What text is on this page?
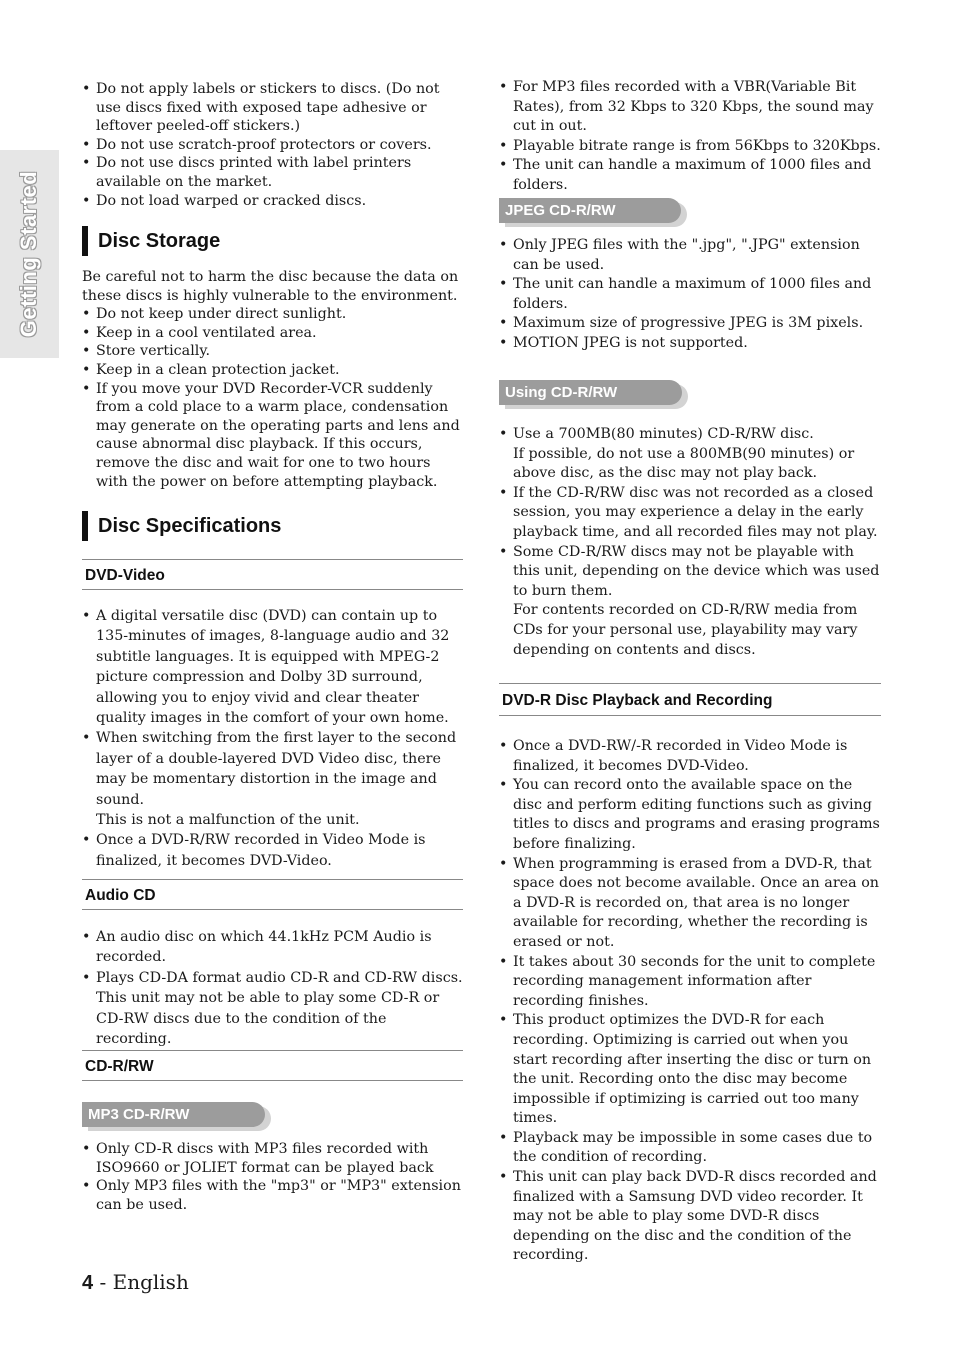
Getting Started
• Do not apply labels or stickers to discs. (Do not use discs fixed with exposed tape adhesive or leftover peeled-off stickers.)
• Do not use scratch-proof protectors or covers.
• Do not use discs printed with label printers available on the market.
• Do not load warped or cracked discs.
Disc Storage

Be careful not to harm the disc because the data on these discs is highly vulnerable to the environment.

• Do not keep under direct sunlight.
• Keep in a cool ventilated area.
• Store vertically.
• Keep in a clean protection jacket.
• If you move your DVD Recorder-VCR suddenly from a cold place to a warm place, condensation may generate on the operating parts and lens and cause abnormal disc playback. If this occurs, remove the disc and wait for one to two hours with the power on before attempting playback.
Disc Specifications
DVD-Video
• A digital versatile disc (DVD) can contain up to 135-minutes of images, 8-language audio and 32 subtitle languages. It is equipped with MPEG-2 picture compression and Dolby 3D surround, allowing you to enjoy vivid and clear theater quality images in the comfort of your own home.
• When switching from the first layer to the second layer of a double-layered DVD Video disc, there may be momentary distortion in the image and sound.
This is not a malfunction of the unit.
• Once a DVD-R/RW recorded in Video Mode is finalized, it becomes DVD-Video.
Audio CD
• An audio disc on which 44.1kHz PCM Audio is recorded.
• Plays CD-DA format audio CD-R and CD-RW discs. This unit may not be able to play some CD-R or CD-RW discs due to the condition of the recording.
CD-R/RW
MP3 CD-R/RW
• Only CD-R discs with MP3 files recorded with ISO9660 or JOLIET format can be played back
• Only MP3 files with the "mp3" or "MP3" extension can be used.
• For MP3 files recorded with a VBR(Variable Bit Rates), from 32 Kbps to 320 Kbps, the sound may cut in out.
• Playable bitrate range is from 56Kbps to 320Kbps.
• The unit can handle a maximum of 1000 files and folders.
JPEG CD-R/RW
• Only JPEG files with the ".jpg", ".JPG" extension can be used.
• The unit can handle a maximum of 1000 files and folders.
• Maximum size of progressive JPEG is 3M pixels.
• MOTION JPEG is not supported.
Using CD-R/RW
• Use a 700MB(80 minutes) CD-R/RW disc.
If possible, do not use a 800MB(90 minutes) or above disc, as the disc may not play back.
• If the CD-R/RW disc was not recorded as a closed session, you may experience a delay in the early playback time, and all recorded files may not play.
• Some CD-R/RW discs may not be playable with this unit, depending on the device which was used to burn them.
For contents recorded on CD-R/RW media from CDs for your personal use, playability may vary depending on contents and discs.
DVD-R Disc Playback and Recording
• Once a DVD-RW/-R recorded in Video Mode is finalized, it becomes DVD-Video.
• You can record onto the available space on the disc and perform editing functions such as giving titles to discs and programs and erasing programs before finalizing.
• When programming is erased from a DVD-R, that space does not become available. Once an area on a DVD-R is recorded on, that area is no longer available for recording, whether the recording is erased or not.
• It takes about 30 seconds for the unit to complete recording management information after recording finishes.
• This product optimizes the DVD-R for each recording. Optimizing is carried out when you start recording after inserting the disc or turn on the unit. Recording onto the disc may become impossible if optimizing is carried out too many times.
• Playback may be impossible in some cases due to the condition of recording.
• This unit can play back DVD-R discs recorded and finalized with a Samsung DVD video recorder. It may not be able to play some DVD-R discs depending on the disc and the condition of the recording.
4 - English
